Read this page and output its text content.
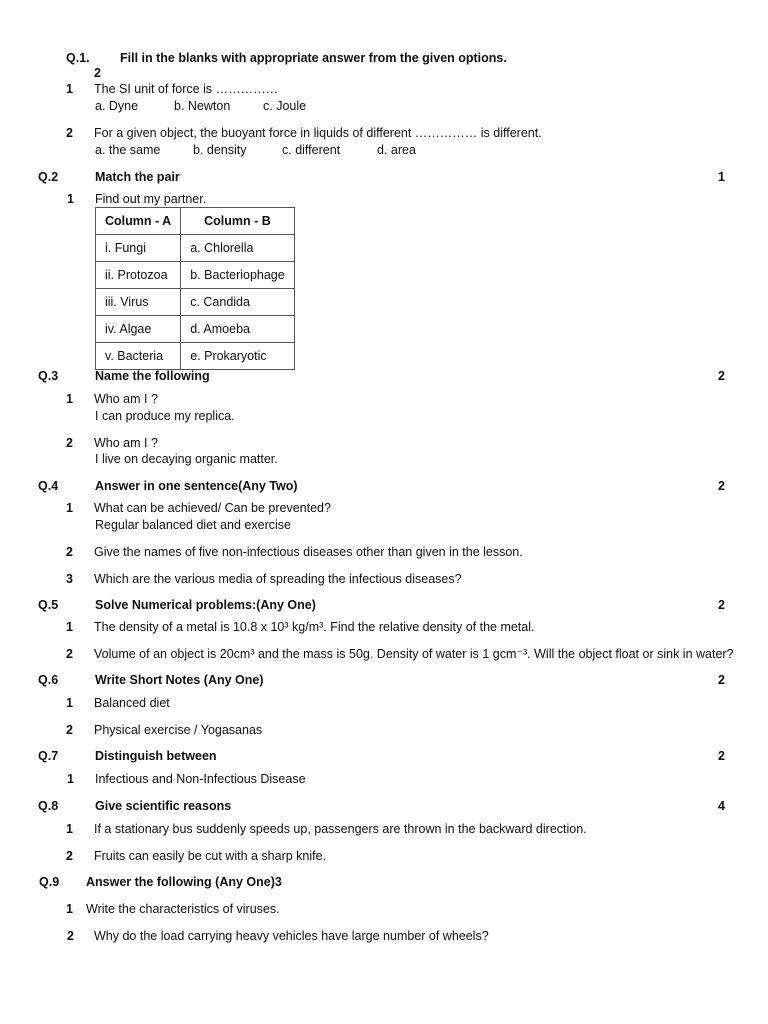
Q.1. Fill in the blanks with appropriate answer from the given options.
2
1 The SI unit of force is ……………
a. Dyne	b. Newton	c. Joule
2 For a given object, the buoyant force in liquids of different …………… is different.
a. the same	b. density	c. different	d. area
Q.2	Match the pair	1
1 Find out my partner.
Column - A	Column - B
i. Fungi	a. Chlorella
ii. Protozoa	b. Bacteriophage
iii. Virus	c. Candida
iv. Algae	d. Amoeba
v. Bacteria	e. Prokaryotic
Q.3	Name the following	2
1 Who am I ?
I can produce my replica.
2 Who am I ?
I live on decaying organic matter.
Q.4	Answer in one sentence(Any Two)	2
1 What can be achieved/ Can be prevented?
Regular balanced diet and exercise
2 Give the names of five non-infectious diseases other than given in the lesson.
3 Which are the various media of spreading the infectious diseases?
Q.5	Solve Numerical problems:(Any One)	2
1 The density of a metal is 10.8 x 10³ kg/m³. Find the relative density of the metal.
2 Volume of an object is 20cm³ and the mass is 50g. Density of water is 1 gcm⁻³. Will the object float or sink in water?
Q.6	Write Short Notes (Any One)	2
1 Balanced diet
2 Physical exercise / Yogasanas
Q.7	Distinguish between	2
1 Infectious and Non-Infectious Disease
Q.8	Give scientific reasons	4
1 If a stationary bus suddenly speeds up, passengers are thrown in the backward direction.
2 Fruits can easily be cut with a sharp knife.
Q.9 Answer the following (Any One)3
1 Write the characteristics of viruses.
2 Why do the load carrying heavy vehicles have large number of wheels?
